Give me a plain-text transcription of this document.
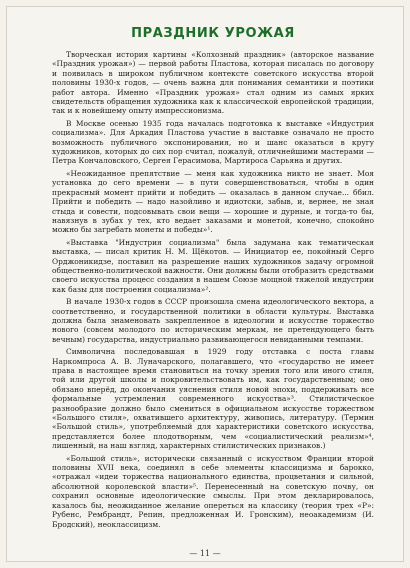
ПРАЗДНИК УРОЖАЯ

Творческая история картины «Колхозный праздник» (авторское название «Праздник урожая») — первой работы Пластова, которая писалась по договору и появилась в широком публичном контексте советского искусства второй половины 1930-х годов, — очень важна для понимания семантики и поэтики работ автора. Именно «Праздник урожая» стал одним из самых ярких свидетельств обращения художника как к классической европейской традиции, так и к новейшему опыту импрессионизма.

В Москве осенью 1935 года началась подготовка к выставке «Индустрия социализма». Для Аркадия Пластова участие в выставке означало не просто возможность публичного экспонирования, но и шанс оказаться в кругу художников, которых до сих пор считал, пожалуй, отличнейшими мастерами — Петра Кончаловского, Сергея Герасимова, Мартироса Сарьяна и других.

«Неожиданное препятствие — меня как художника никто не знает. Моя установка до сего времени — в пути совершенствоваться, чтобы в один прекрасный момент прийти и победить — оказалась в данном случае... ббил. Прийти и победить — надо назойливо и идиотски, забыв, и, вернее, не зная стыда и совести, подсовывать свои вещи — хорошие и дурные, и тогда-то бы, навязнув в зубах у тех, кто ведает заказами и монетой, конечно, спокойно можно бы загребать монеты и победы»¹.

«Выставка "Индустрия социализма" была задумана как тематическая выставка, — писал критик Н. М. Щёкотов. — Инициатор ее, покойный Серго Орджоникидзе, поставил на разрешение наших художников задачу огромной общественно-политической важности. Они должны были отобразить средствами своего искусства процесс создания в нашем Союзе мощной тяжелой индустрии как базы для построения социализма»².

В начале 1930-х годов в СССР произошла смена идеологического вектора, а соответственно, и государственной политики в области культуры. Выставка должна была знаменовать закрепленное в идеологии и искусстве торжество нового (совсем молодого по историческим меркам, не претендующего быть вечным) государства, индустриально развивающегося невиданными темпами.

Символична последовавшая в 1929 году отставка с поста главы Наркомпроса А. В. Луначарского, полагавшего, что «государство не имеет права в настоящее время становиться на точку зрения того или иного стиля, той или другой школы и покровительствовать им, как государственным; оно обязано вперёд, до окончания уяснения стиля новой эпохи, поддерживать все формальные устремления современного искусства»³. Стилистическое разнообразие должно было смениться в официальном искусстве торжеством «Большого стиля», охватившего архитектуру, живопись, литературу. (Термин «Большой стиль», употребляемый для характеристики советского искусства, представляется более плодотворным, чем «социалистический реализм»⁴, лишенный, на наш взгляд, характерных стилистических признаков.)

«Большой стиль», исторически связанный с искусством Франции второй половины XVII века, соединял в себе элементы классицизма и барокко, «отражал «идеи торжества национального единства, процветания и сильной, абсолютной королевской власти»⁵. Перенесенный на советскую почву, он сохранил основные идеологические смыслы. При этом декларировалось, казалось бы, неожиданное желание опереться на классику (теория трех «Р»: Рубенс, Рембрандт, Репин, предложенная И. Гронским), неоакадемизм (И. Бродский), неоклассицизм.

— 11 —
